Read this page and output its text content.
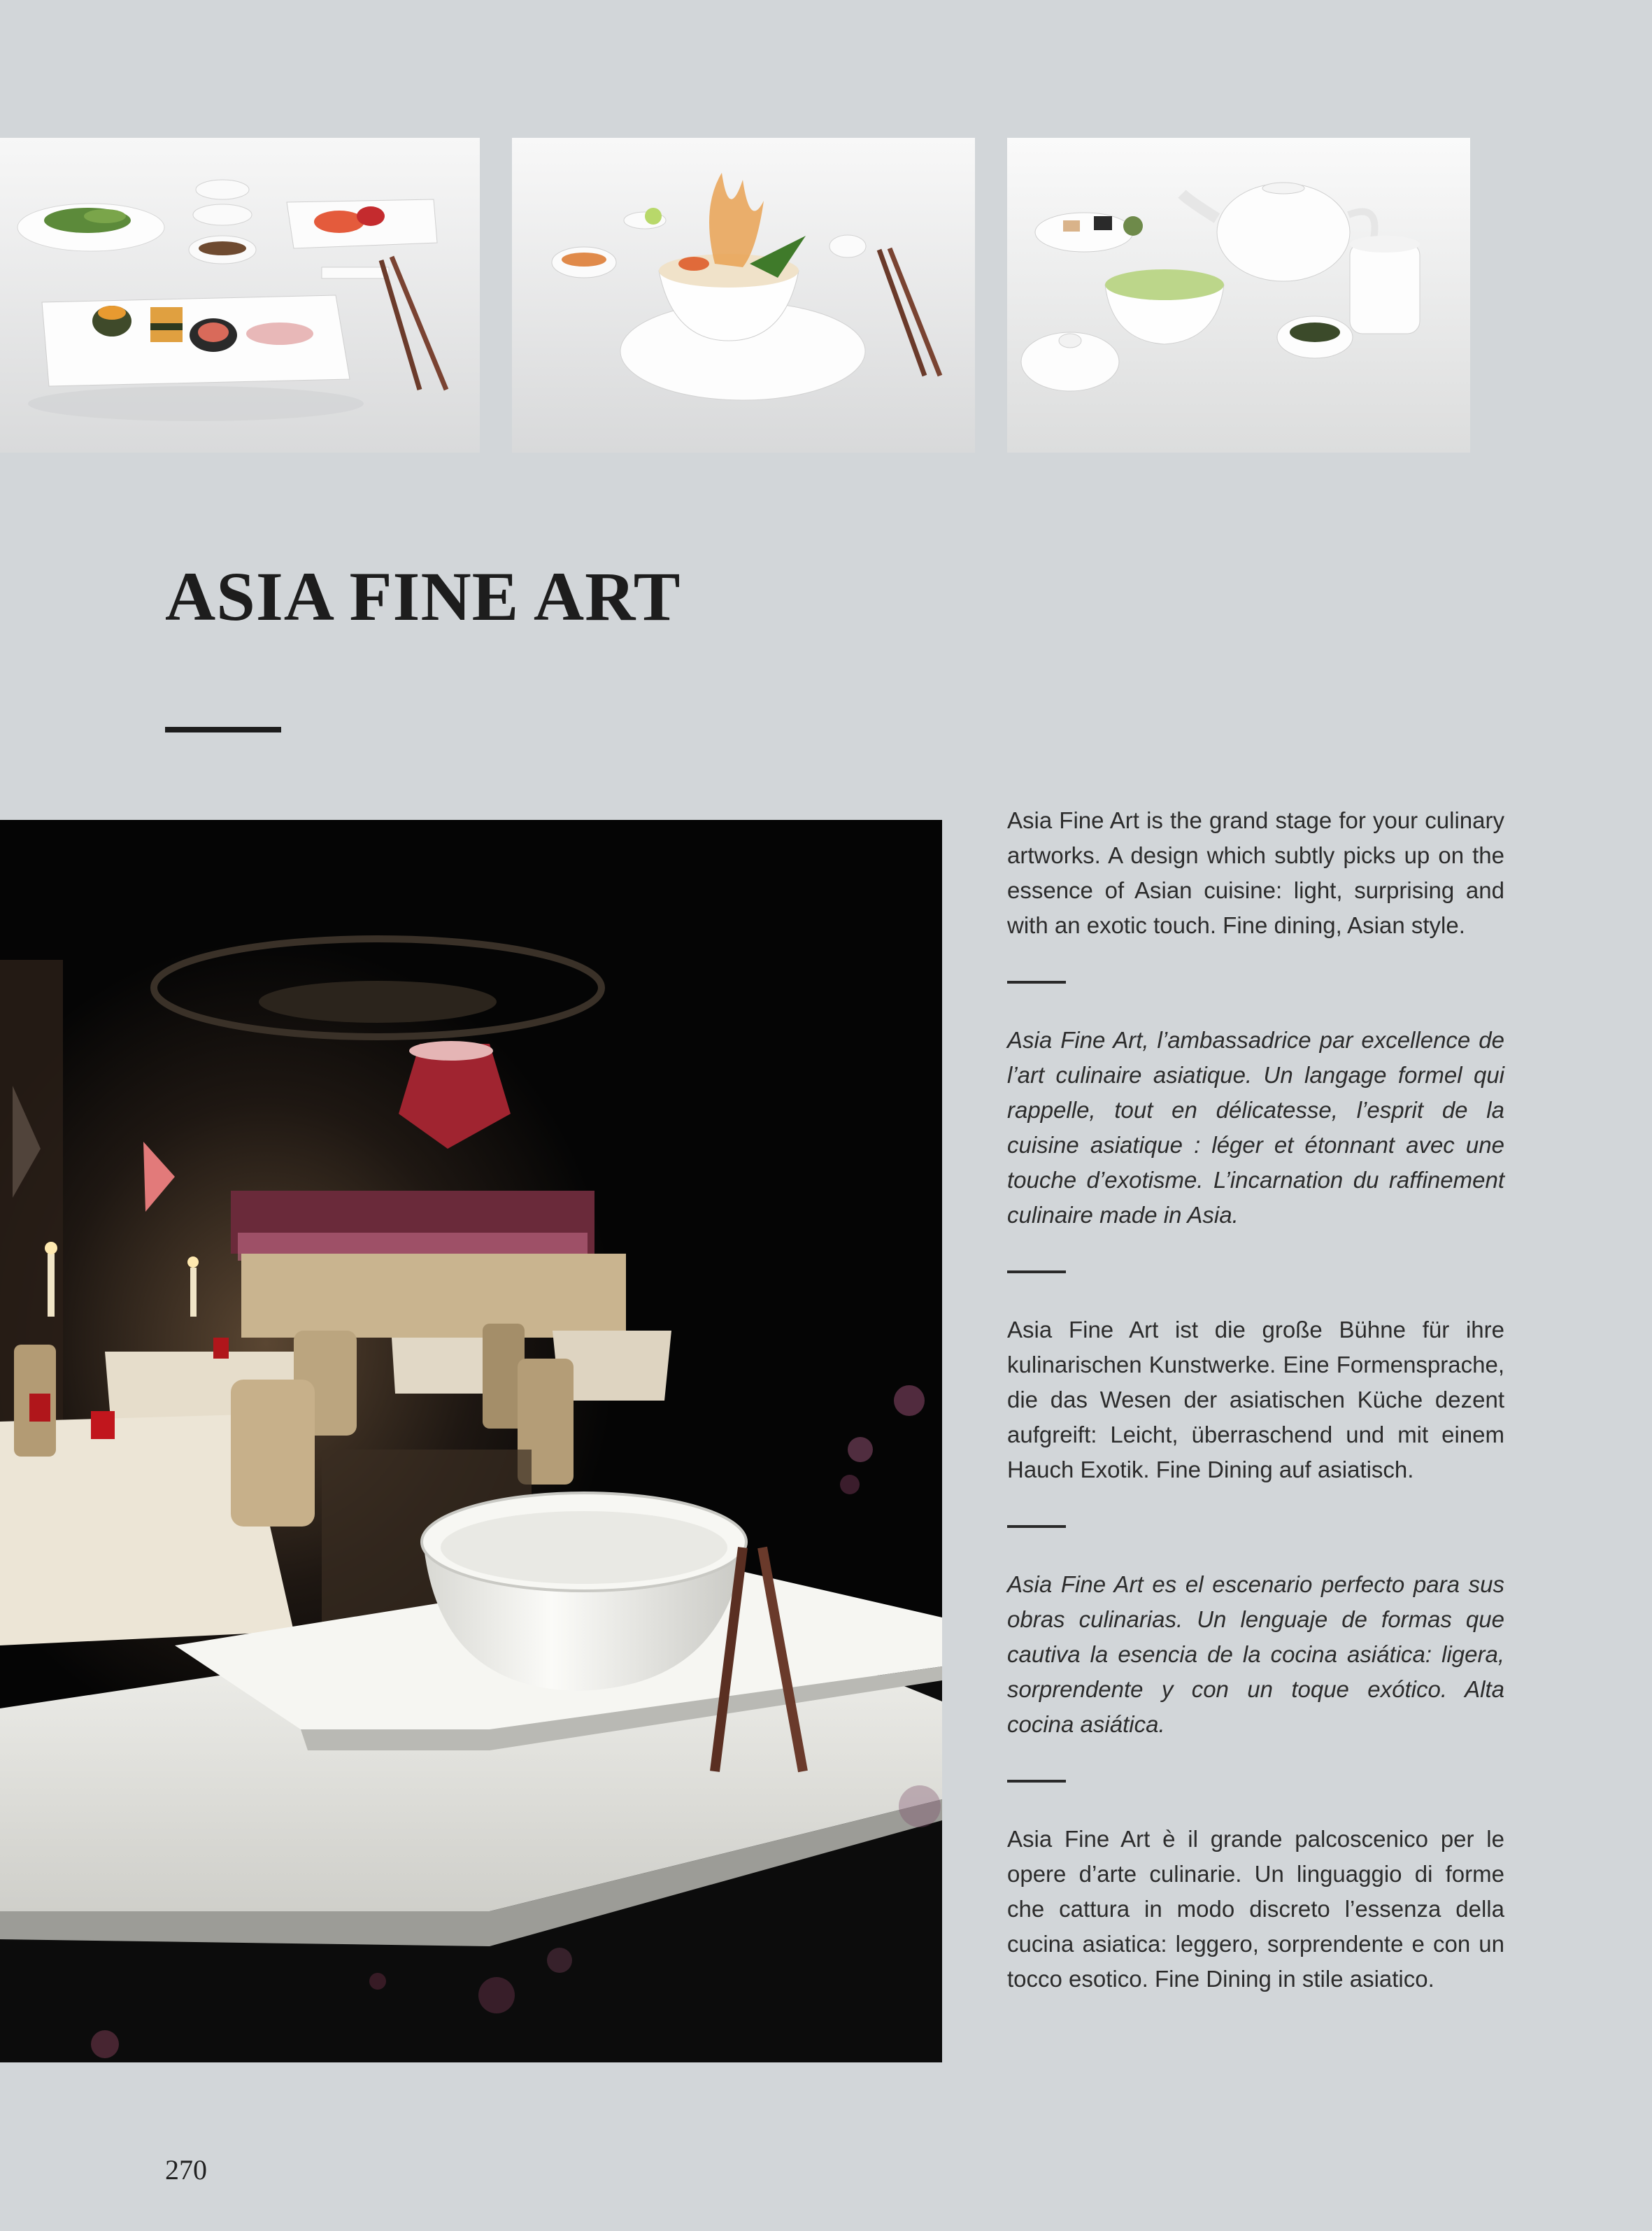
ASIA FINE ART

Asia Fine Art is the grand stage for your culinary artworks. A design which subtly picks up on the essence of Asian cuisine: light, surprising and with an exotic touch. Fine dining, Asian style.

Asia Fine Art, l’ambassadrice par excellence de l’art culinaire asiatique. Un langage formel qui rappelle, tout en délicatesse, l’esprit de la cuisine asiatique : léger et étonnant avec une touche d’exotisme. L’incarnation du raffinement culinaire made in Asia.

Asia Fine Art ist die große Bühne für ihre kulinarischen Kunstwerke. Eine Formensprache, die das Wesen der asiatischen Küche dezent aufgreift: Leicht, überraschend und mit einem Hauch Exotik. Fine Dining auf asiatisch.

Asia Fine Art es el escenario perfecto para sus obras culinarias. Un lenguaje de formas que cautiva la esencia de la cocina asiática: ligera, sorprendente y con un toque exótico. Alta cocina asiática.

Asia Fine Art è il grande palcoscenico per le opere d’arte culinarie. Un linguaggio di forme che cattura in modo discreto l’essenza della cucina asiatica: leggero, sorprendente e con un tocco esotico. Fine Dining in stile asiatico.

270
